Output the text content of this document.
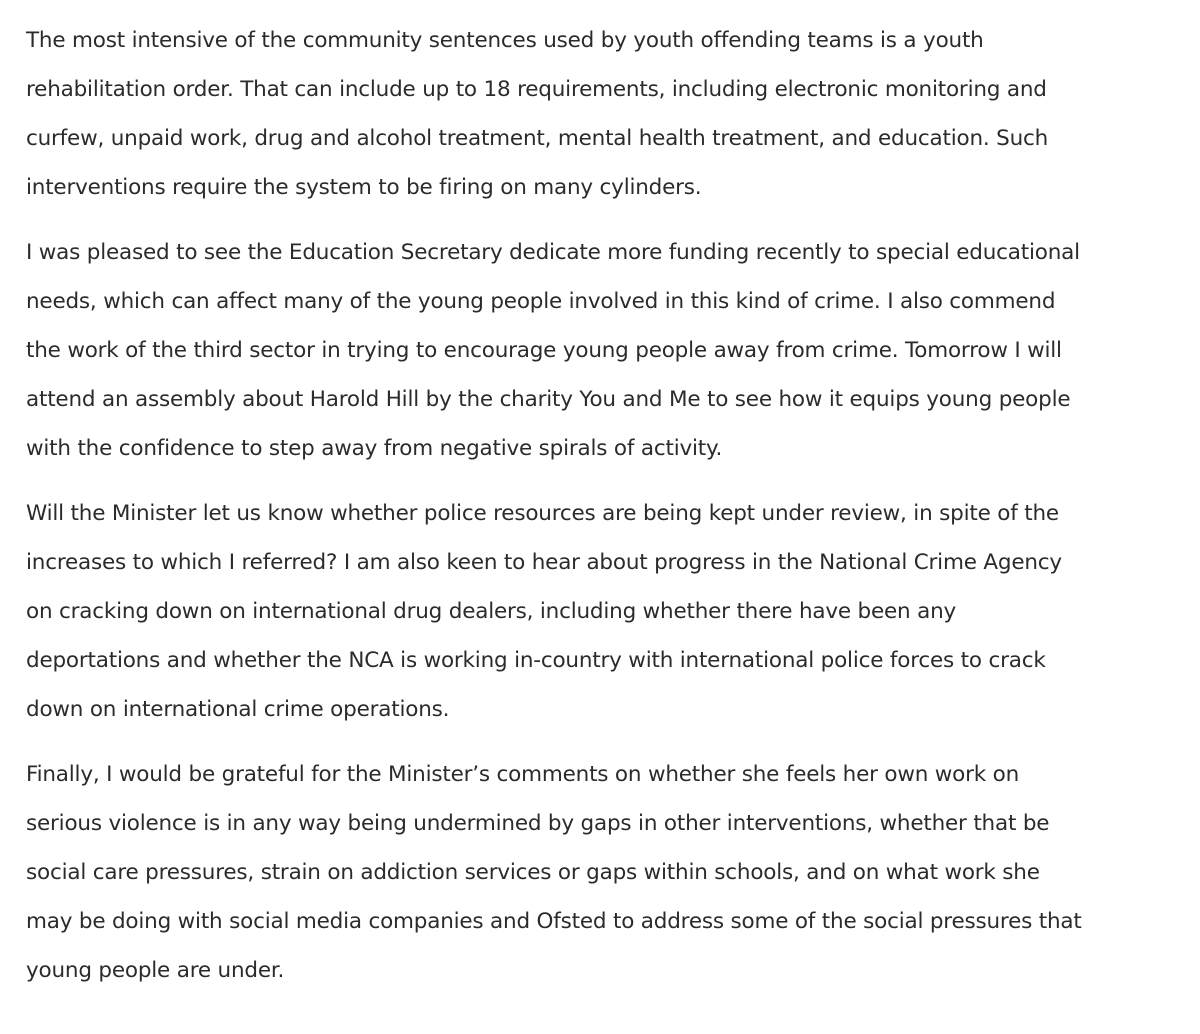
The most intensive of the community sentences used by youth offending teams is a youth
rehabilitation order. That can include up to 18 requirements, including electronic monitoring and
curfew, unpaid work, drug and alcohol treatment, mental health treatment, and education. Such
interventions require the system to be firing on many cylinders.

I was pleased to see the Education Secretary dedicate more funding recently to special educational
needs, which can affect many of the young people involved in this kind of crime. I also commend
the work of the third sector in trying to encourage young people away from crime. Tomorrow I will
attend an assembly about Harold Hill by the charity You and Me to see how it equips young people
with the confidence to step away from negative spirals of activity.

Will the Minister let us know whether police resources are being kept under review, in spite of the
increases to which I referred? I am also keen to hear about progress in the National Crime Agency
on cracking down on international drug dealers, including whether there have been any
deportations and whether the NCA is working in-country with international police forces to crack
down on international crime operations.

Finally, I would be grateful for the Minister’s comments on whether she feels her own work on
serious violence is in any way being undermined by gaps in other interventions, whether that be
social care pressures, strain on addiction services or gaps within schools, and on what work she
may be doing with social media companies and Ofsted to address some of the social pressures that
young people are under.
